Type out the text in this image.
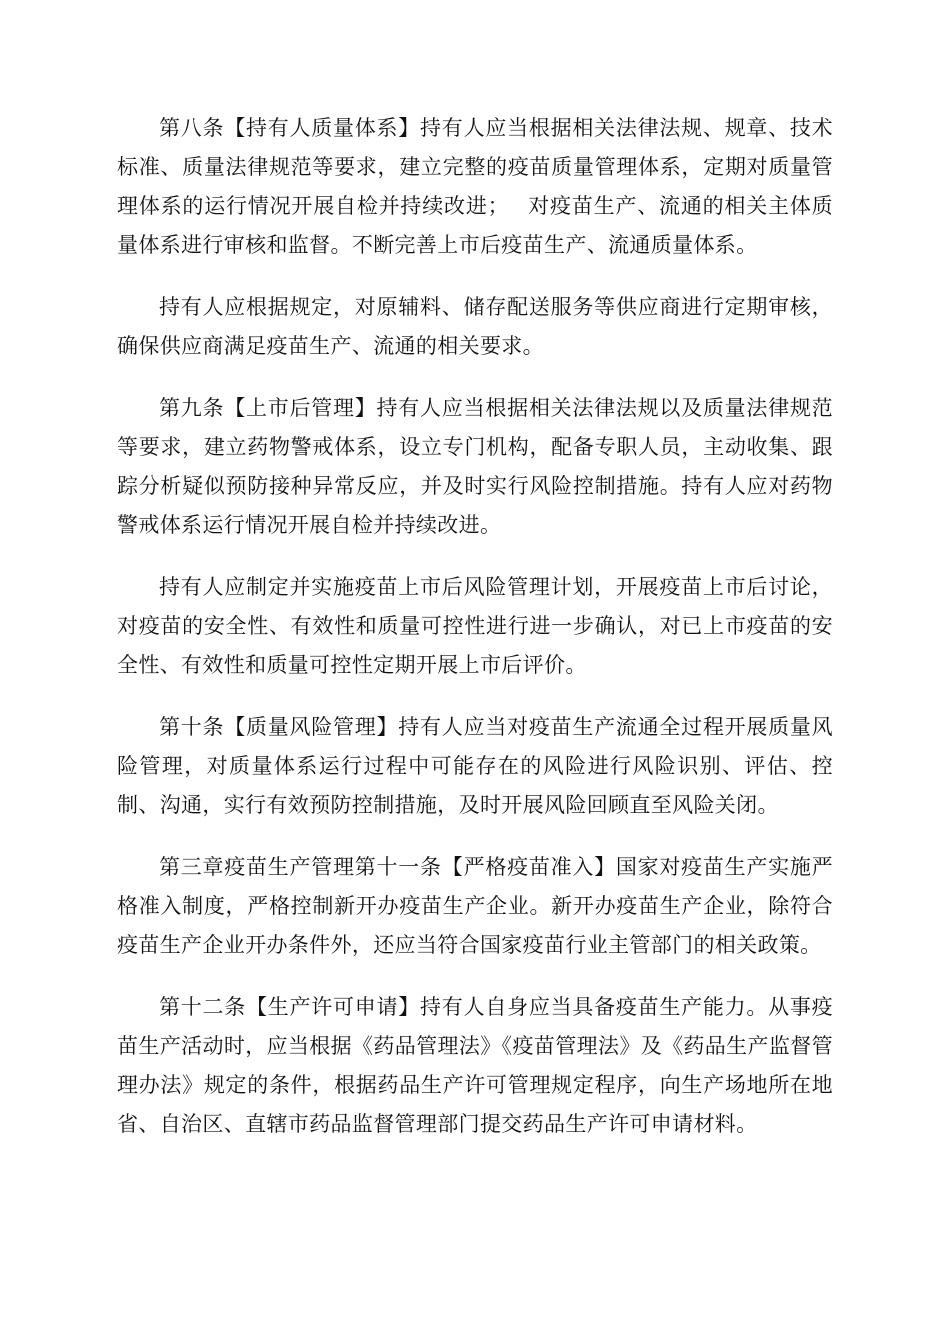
第八条【持有人质量体系】持有人应当根据相关法律法规、规章、技术标准、质量法律规范等要求，建立完整的疫苗质量管理体系，定期对质量管理体系的运行情况开展自检并持续改进；　 对疫苗生产、流通的相关主体质量体系进行审核和监督。不断完善上市后疫苗生产、流通质量体系。

持有人应根据规定，对原辅料、储存配送服务等供应商进行定期审核，确保供应商满足疫苗生产、流通的相关要求。

第九条【上市后管理】持有人应当根据相关法律法规以及质量法律规范等要求，建立药物警戒体系，设立专门机构，配备专职人员，主动收集、跟踪分析疑似预防接种异常反应，并及时实行风险控制措施。持有人应对药物警戒体系运行情况开展自检并持续改进。

持有人应制定并实施疫苗上市后风险管理计划，开展疫苗上市后讨论，对疫苗的安全性、有效性和质量可控性进行进一步确认，对已上市疫苗的安全性、有效性和质量可控性定期开展上市后评价。

第十条【质量风险管理】持有人应当对疫苗生产流通全过程开展质量风险管理，对质量体系运行过程中可能存在的风险进行风险识别、评估、控制、沟通，实行有效预防控制措施，及时开展风险回顾直至风险关闭。

第三章疫苗生产管理第十一条【严格疫苗准入】国家对疫苗生产实施严格准入制度，严格控制新开办疫苗生产企业。新开办疫苗生产企业，除符合疫苗生产企业开办条件外，还应当符合国家疫苗行业主管部门的相关政策。

第十二条【生产许可申请】持有人自身应当具备疫苗生产能力。从事疫苗生产活动时，应当根据《药品管理法》《疫苗管理法》及《药品生产监督管理办法》规定的条件，根据药品生产许可管理规定程序，向生产场地所在地省、自治区、直辖市药品监督管理部门提交药品生产许可申请材料。
